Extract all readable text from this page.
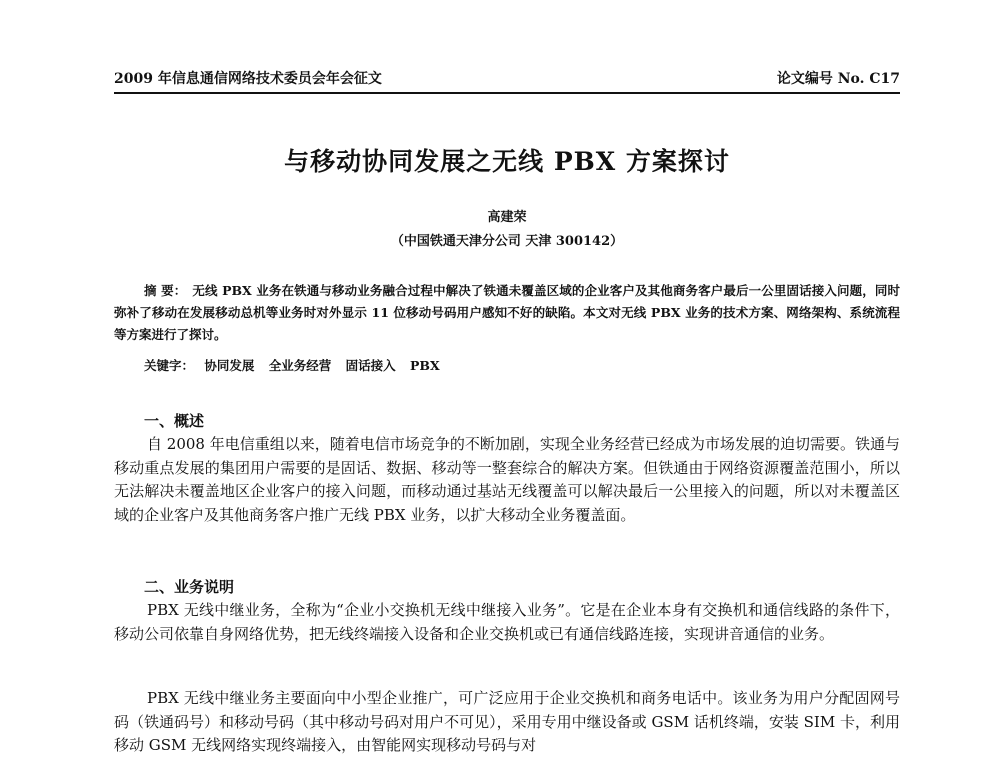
2009 年信息通信网络技术委员会年会征文	论文编号 No. C17
与移动协同发展之无线 PBX 方案探讨
高建荣
（中国铁通天津分公司 天津 300142）
摘 要： 无线 PBX 业务在铁通与移动业务融合过程中解决了铁通未覆盖区域的企业客户及其他商务客户最后一公里固话接入问题，同时弥补了移动在发展移动总机等业务时对外显示 11 位移动号码用户感知不好的缺陷。本文对无线 PBX 业务的技术方案、网络架构、系统流程等方案进行了探讨。
关键字： 协同发展 全业务经营 固话接入 PBX
一、概述
自 2008 年电信重组以来，随着电信市场竞争的不断加剧，实现全业务经营已经成为市场发展的迫切需要。铁通与移动重点发展的集团用户需要的是固话、数据、移动等一整套综合的解决方案。但铁通由于网络资源覆盖范围小，所以无法解决未覆盖地区企业客户的接入问题，而移动通过基站无线覆盖可以解决最后一公里接入的问题，所以对未覆盖区域的企业客户及其他商务客户推广无线 PBX 业务，以扩大移动全业务覆盖面。
二、业务说明
PBX 无线中继业务，全称为“企业小交换机无线中继接入业务”。它是在企业本身有交换机和通信线路的条件下，移动公司依靠自身网络优势，把无线终端接入设备和企业交换机或已有通信线路连接，实现讲音通信的业务。
PBX 无线中继业务主要面向中小型企业推广，可广泛应用于企业交换机和商务电话中。该业务为用户分配固网号码（铁通码号）和移动号码（其中移动号码对用户不可见），采用专用中继设备或 GSM 话机终端，安装 SIM 卡，利用移动 GSM 无线网络实现终端接入，由智能网实现移动号码与对
